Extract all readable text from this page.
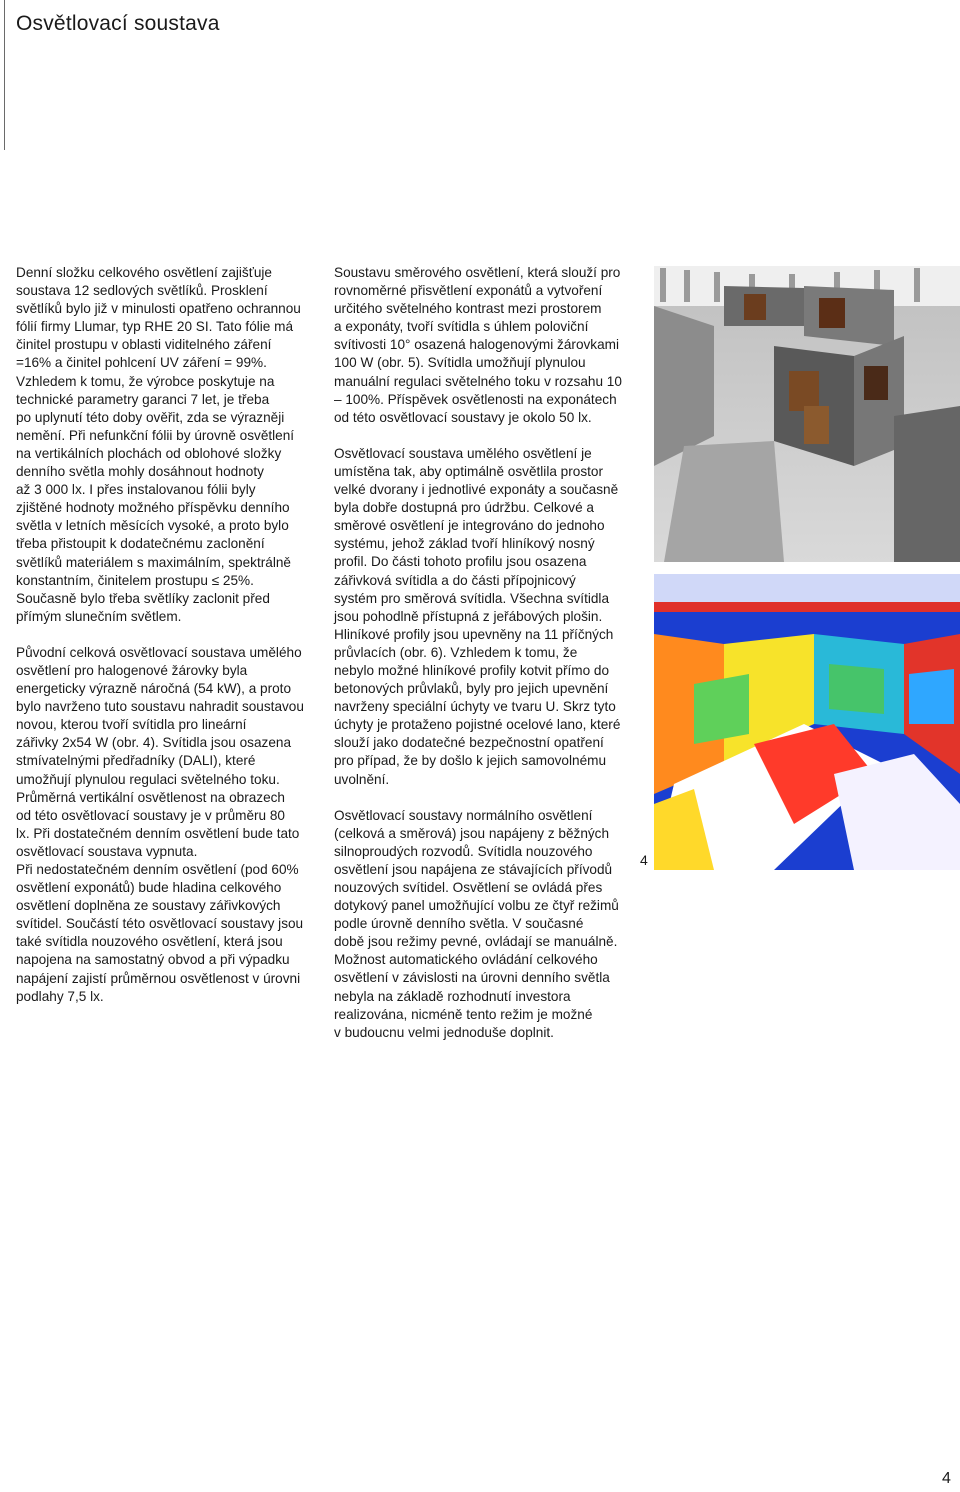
Osvětlovací soustava

Denní složku celkového osvětlení zajišťuje
soustava 12 sedlových světlíků. Prosklení
světlíků bylo již v minulosti opatřeno ochrannou
fólií firmy Llumar, typ RHE 20 SI. Tato fólie má
činitel prostupu v oblasti viditelného záření
=16% a činitel pohlcení UV záření = 99%.
Vzhledem k tomu, že výrobce poskytuje na
technické parametry garanci 7 let, je třeba
po uplynutí této doby ověřit, zda se výrazněji
nemění. Při nefunkční fólii by úrovně osvětlení
na vertikálních plochách od oblohové složky
denního světla mohly dosáhnout hodnoty
až 3 000 lx. I přes instalovanou fólii byly
zjištěné hodnoty možného příspěvku denního
světla v letních měsících vysoké, a proto bylo
třeba přistoupit k dodatečnému zaclonění
světlíků materiálem s maximálním, spektrálně
konstantním, činitelem prostupu ≤ 25%.
Současně bylo třeba světlíky zaclonit před
přímým slunečním světlem.

Původní celková osvětlovací soustava umělého
osvětlení pro halogenové žárovky byla
energeticky výrazně náročná (54 kW), a proto
bylo navrženo tuto soustavu nahradit soustavou
novou, kterou tvoří svítidla pro lineární
zářivky 2x54 W (obr. 4). Svítidla jsou osazena
stmívatelnými předřadníky (DALI), které
umožňují plynulou regulaci světelného toku.
Průměrná vertikální osvětlenost na obrazech
od této osvětlovací soustavy je v průměru 80
lx. Při dostatečném denním osvětlení bude tato
osvětlovací soustava vypnuta.
Při nedostatečném denním osvětlení (pod 60%
osvětlení exponátů) bude hladina celkového
osvětlení doplněna ze soustavy zářivkových
svítidel. Součástí této osvětlovací soustavy jsou
také svítidla nouzového osvětlení, která jsou
napojena na samostatný obvod a při výpadku
napájení zajistí průměrnou osvětlenost v úrovni
podlahy 7,5 lx.

Soustavu směrového osvětlení, která slouží pro
rovnoměrné přisvětlení exponátů a vytvoření
určitého světelného kontrast mezi prostorem
a exponáty, tvoří svítidla s úhlem poloviční
svítivosti 10° osazená halogenovými žárovkami
100 W (obr. 5). Svítidla umožňují plynulou
manuální regulaci světelného toku v rozsahu 10
– 100%. Příspěvek osvětlenosti na exponátech
od této osvětlovací soustavy je okolo 50 lx.

Osvětlovací soustava umělého osvětlení je
umístěna tak, aby optimálně osvětlila prostor
velké dvorany i jednotlivé exponáty a současně
byla dobře dostupná pro údržbu. Celkové a
směrové osvětlení je integrováno do jednoho
systému, jehož základ tvoří hliníkový nosný
profil. Do části tohoto profilu jsou osazena
zářivková svítidla a do části přípojnicový
systém pro směrová svítidla. Všechna svítidla
jsou pohodlně přístupná z jeřábových plošin.
Hliníkové profily jsou upevněny na 11 příčných
průvlacích (obr. 6). Vzhledem k tomu, že
nebylo možné hliníkové profily kotvit přímo do
betonových průvlaků, byly pro jejich upevnění
navrženy speciální úchyty ve tvaru U. Skrz tyto
úchyty je protaženo pojistné ocelové lano, které
slouží jako dodatečné bezpečnostní opatření
pro případ, že by došlo k jejich samovolnému
uvolnění.

Osvětlovací soustavy normálního osvětlení
(celková a směrová) jsou napájeny z běžných
silnoproudých rozvodů. Svítidla nouzového
osvětlení jsou napájena ze stávajících přívodů
nouzových svítidel. Osvětlení se ovládá přes
dotykový panel umožňující volbu ze čtyř režimů
podle úrovně denního světla. V současné
době jsou režimy pevné, ovládají se manuálně.
Možnost automatického ovládání celkového
osvětlení v závislosti na úrovni denního světla
nebyla na základě rozhodnutí investora
realizována, nicméně tento režim je možné
v budoucnu velmi jednoduše doplnit.

4
4
